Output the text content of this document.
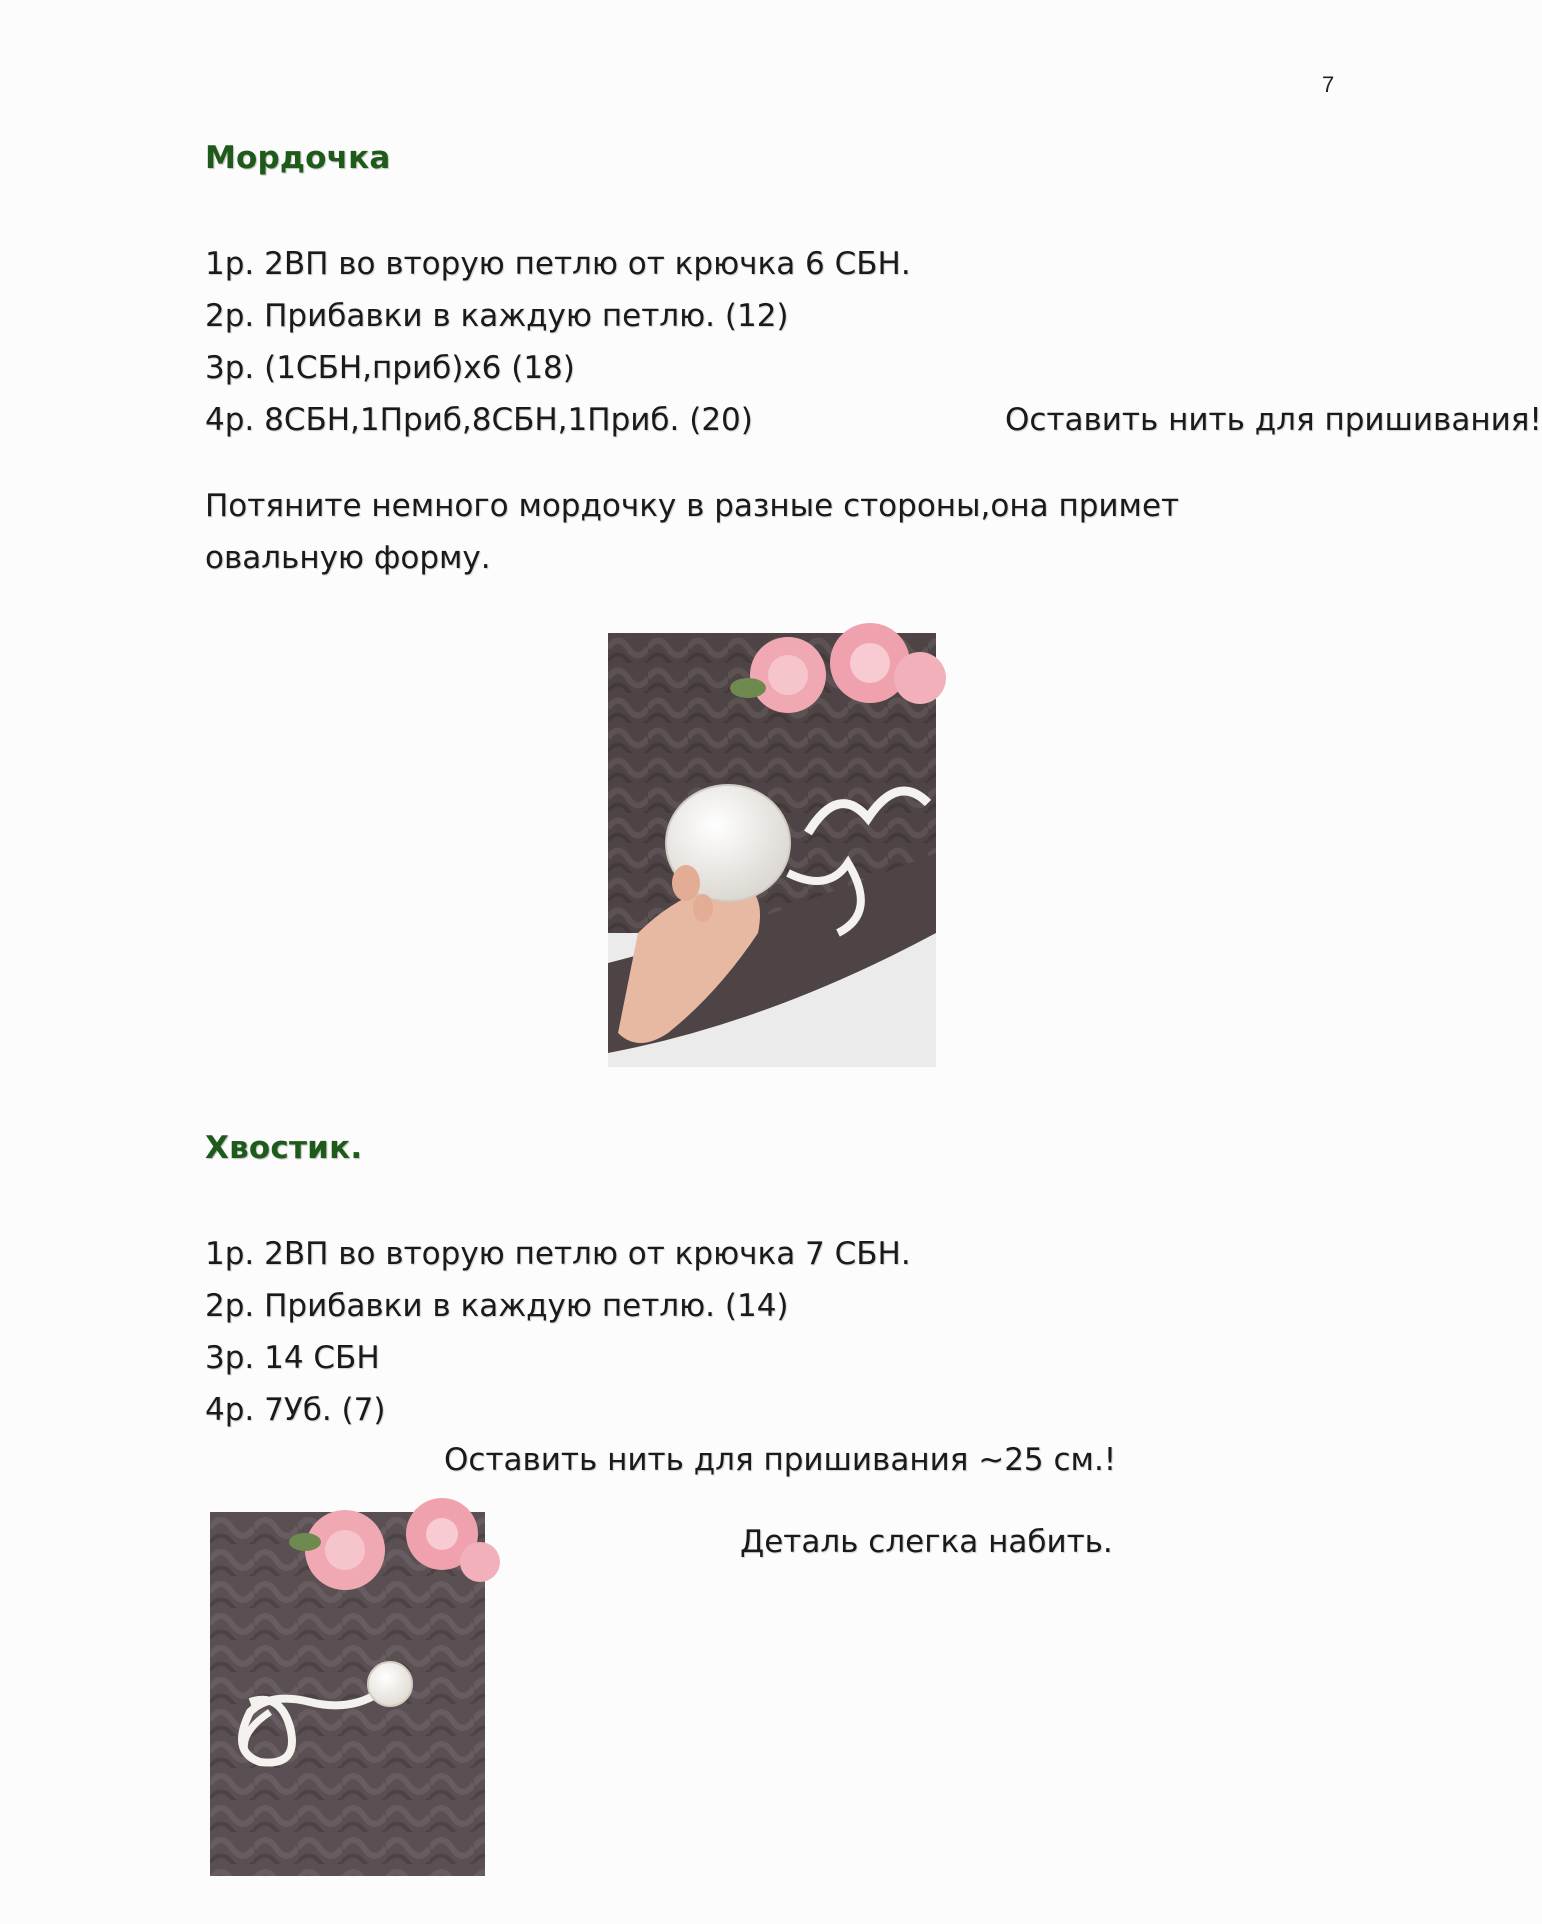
7
Мордочка
1р. 2ВП во вторую петлю от крючка 6 СБН.
2р. Прибавки в каждую петлю. (12)
3р. (1СБН,приб)х6 (18)
4р. 8СБН,1Приб,8СБН,1Приб. (20)	Оставить нить для пришивания!
Потяните немного мордочку в разные стороны,она примет овальную форму.
Хвостик.
1р. 2ВП во вторую петлю от крючка 7 СБН.
2р. Прибавки в каждую петлю. (14)
3р. 14 СБН
4р. 7Уб. (7)
Оставить нить для пришивания ~25 см.!
Деталь слегка набить.
